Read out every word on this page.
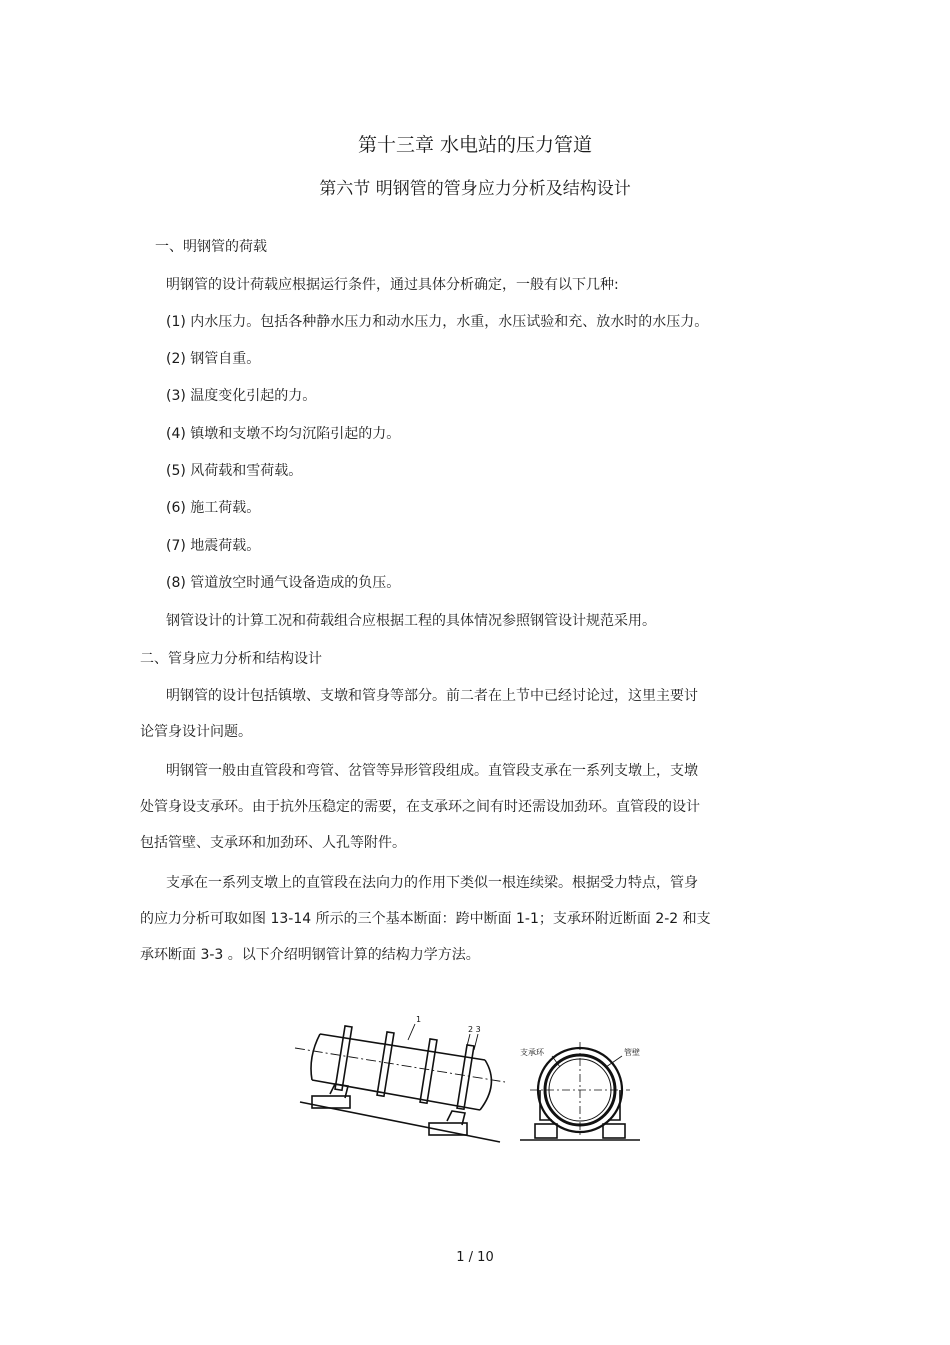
第十三章 水电站的压力管道
第六节 明钢管的管身应力分析及结构设计
一、明钢管的荷载
明钢管的设计荷载应根据运行条件，通过具体分析确定，一般有以下几种:
(1) 内水压力。包括各种静水压力和动水压力，水重，水压试验和充、放水时的水压力。
(2) 钢管自重。
(3) 温度变化引起的力。
(4) 镇墩和支墩不均匀沉陷引起的力。
(5) 风荷载和雪荷载。
(6) 施工荷载。
(7) 地震荷载。
(8) 管道放空时通气设备造成的负压。
钢管设计的计算工况和荷载组合应根据工程的具体情况参照钢管设计规范采用。
二、管身应力分析和结构设计
明钢管的设计包括镇墩、支墩和管身等部分。前二者在上节中已经讨论过，这里主要讨
论管身设计问题。
明钢管一般由直管段和弯管、岔管等异形管段组成。直管段支承在一系列支墩上，支墩
处管身设支承环。由于抗外压稳定的需要，在支承环之间有时还需设加劲环。直管段的设计
包括管壁、支承环和加劲环、人孔等附件。
支承在一系列支墩上的直管段在法向力的作用下类似一根连续梁。根据受力特点，管身
的应力分析可取如图 13-14 所示的三个基本断面：跨中断面 1-1；支承环附近断面 2-2 和支
承环断面 3-3 。以下介绍明钢管计算的结构力学方法。
1
2 3
支承环	管壁
1 / 10
